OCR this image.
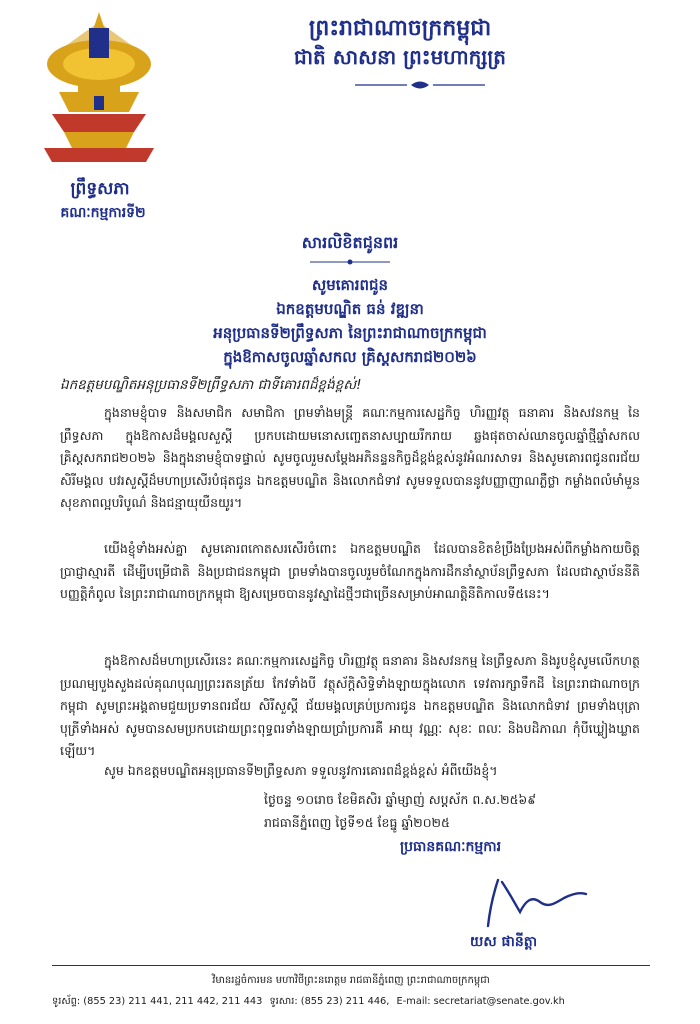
ព្រឹទ្ធសភា
គណៈកម្មការទី២
ព្រះរាជាណាចក្រកម្ពុជា
ជាតិ សាសនា ព្រះមហាក្សត្រ
សារលិខិតជូនពរ
សូមគោរពជូន
ឯកឧត្តមបណ្ឌិត ធន់ វឌ្ឍនា
អនុប្រធានទី២ព្រឹទ្ធសភា នៃព្រះរាជាណាចក្រកម្ពុជា
ក្នុងឱកាសចូលឆ្នាំសកល គ្រិស្តសករាជ២០២៦
ឯកឧត្តមបណ្ឌិតអនុប្រធានទី២ព្រឹទ្ធសភា ជាទីគោរពដ៏ខ្ពង់ខ្ពស់!
ក្នុងនាមខ្ញុំបាទ និងសមាជិក សមាជិកា ព្រមទាំងមន្ត្រី គណៈកម្មការសេដ្ឋកិច្ច ហិរញ្ញវត្ថុ ធនាគារ និងសវនកម្ម នៃព្រឹទ្ធសភា ក្នុងឱកាសដ៏មង្គលសួស្តី ប្រកបដោយមនោសញ្ចេតនាសប្បាយរីករាយ ឆ្លងផុតចាស់ឈានចូលឆ្នាំថ្មីឆ្នាំសកល គ្រិស្តសករាជ២០២៦ និងក្នុងនាមខ្ញុំបាទផ្ទាល់ សូមចូលរួមសម្តែងអភិនន្ទនកិច្ចដ៏ខ្ពង់ខ្ពស់នូវអំណរសាទរ និងសូមគោរពជូនពរជ័យ សិរីមង្គល បវរសួស្តីដ៏មហាប្រសើរបំផុតជូន ឯកឧត្តមបណ្ឌិត និងលោកជំទាវ សូមទទួលបាននូវបញ្ញាញាណភ្លឺថ្លា កម្លាំងពលំមាំមួន សុខភាពល្អបរិបូណ៌ និងជន្មាយុយឺនយូរ។
យើងខ្ញុំទាំងអស់គ្នា សូមគោរពកោតសរសើរចំពោះ ឯកឧត្តមបណ្ឌិត ដែលបានខិតខំប្រឹងប្រែងអស់ពីកម្លាំងកាយចិត្ត ប្រាជ្ញាស្មារតី ដើម្បីបម្រើជាតិ និងប្រជាជនកម្ពុជា ព្រមទាំងបានចូលរួមចំណែកក្នុងការដឹកនាំស្ថាប័នព្រឹទ្ធសភា ដែលជាស្ថាប័ននីតិបញ្ញត្តិកំពូល នៃព្រះរាជាណាចក្រកម្ពុជា ឱ្យសម្រេចបាននូវស្នាដៃថ្មីៗជាច្រើនសម្រាប់អាណត្តិនីតិកាលទី៥នេះ។
ក្នុងឱកាសដ៏មហាប្រសើរនេះ គណៈកម្មការសេដ្ឋកិច្ច ហិរញ្ញវត្ថុ ធនាគារ និងសវនកម្ម នៃព្រឹទ្ធសភា និងរូបខ្ញុំសូមលើកហត្ថប្រណម្យបួងសួងដល់គុណបុណ្យព្រះរតនត្រ័យ កែវទាំងបី វត្ថុស័ក្តិសិទ្ធិទាំងឡាយក្នុងលោក ទេវតារក្សាទឹកដី នៃព្រះរាជាណាចក្រកម្ពុជា សូមព្រះអង្គតាមជួយប្រទានពរជ័យ សិរីសួស្តី ជ័យមង្គលគ្រប់ប្រការជូន ឯកឧត្តមបណ្ឌិត និងលោកជំទាវ ព្រមទាំងបុត្រា បុត្រីទាំងអស់ សូមបានសមប្រកបដោយព្រះពុទ្ធពរទាំងឡាយប្រាំប្រការគឺ អាយុ វណ្ណៈ សុខៈ ពលៈ និងបដិភាណ កុំបីឃ្លៀងឃ្លាតឡើយ។
សូម ឯកឧត្តមបណ្ឌិតអនុប្រធានទី២ព្រឹទ្ធសភា ទទួលនូវការគោរពដ៏ខ្ពង់ខ្ពស់ អំពីយើងខ្ញុំ។
ថ្ងៃចន្ទ ១០រោច ខែមិគសិរ ឆ្នាំម្សាញ់ សប្តស័ក ព.ស.២៥៦៩
រាជធានីភ្នំពេញ ថ្ងៃទី១៥ ខែធ្នូ ឆ្នាំ២០២៥
ប្រធានគណៈកម្មការ
យស ផានីត្តា
វិមានរដ្ឋចំការមន មហាវិថីព្រះនរោត្តម រាជធានីភ្នំពេញ ព្រះរាជាណាចក្រកម្ពុជា
ទូរស័ព្ទ: (855 23) 211 441, 211 442, 211 443 ទូរសារ: (855 23) 211 446, E-mail: secretariat@senate.gov.kh
